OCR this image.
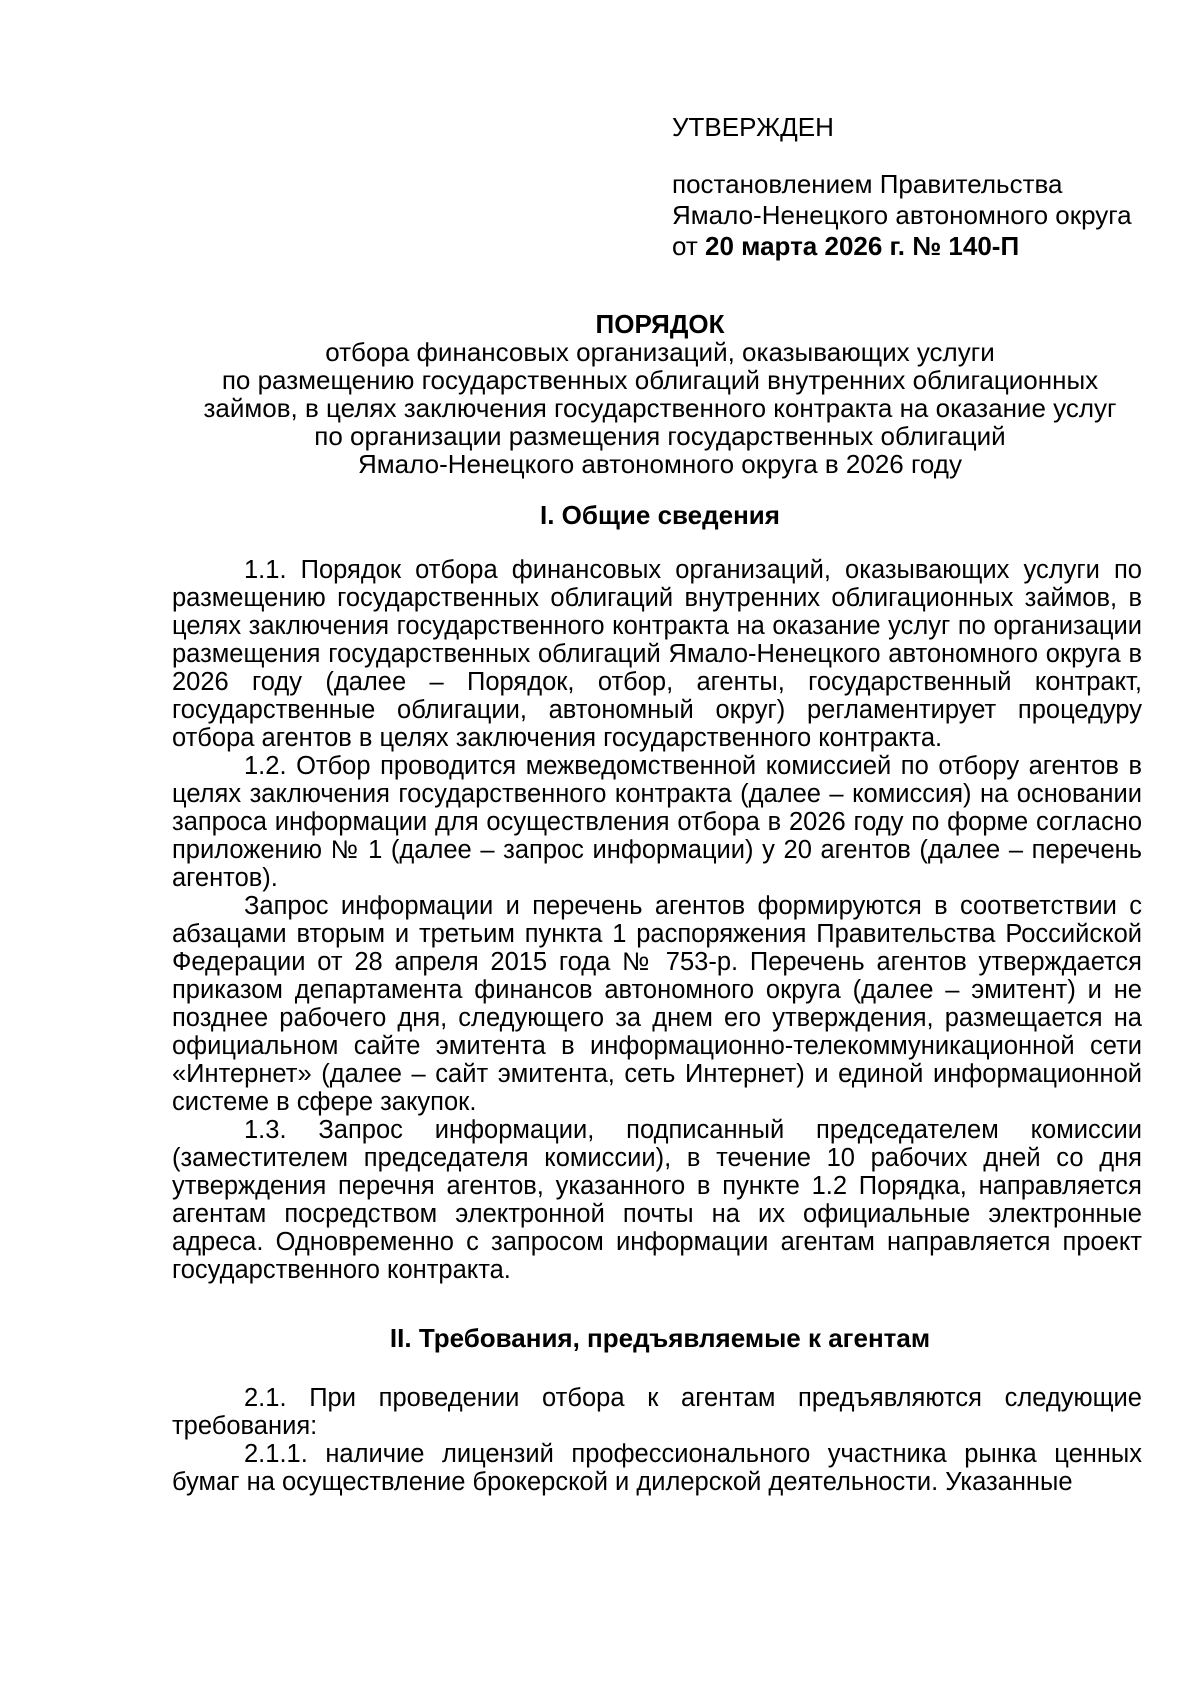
УТВЕРЖДЕН
постановлением Правительства
Ямало-Ненецкого автономного округа
от 20 марта 2026 г. № 140-П
ПОРЯДОК
отбора финансовых организаций, оказывающих услуги
по размещению государственных облигаций внутренних облигационных
займов, в целях заключения государственного контракта на оказание услуг
по организации размещения государственных облигаций
Ямало-Ненецкого автономного округа в 2026 году
I. Общие сведения

1.1. Порядок отбора финансовых организаций, оказывающих услуги по размещению государственных облигаций внутренних облигационных займов, в целях заключения государственного контракта на оказание услуг по организации размещения государственных облигаций Ямало-Ненецкого автономного округа в 2026 году (далее – Порядок, отбор, агенты, государственный контракт, государственные облигации, автономный округ) регламентирует процедуру отбора агентов в целях заключения государственного контракта.

1.2. Отбор проводится межведомственной комиссией по отбору агентов в целях заключения государственного контракта (далее – комиссия) на основании запроса информации для осуществления отбора в 2026 году по форме согласно приложению № 1 (далее – запрос информации) у 20 агентов (далее – перечень агентов).

Запрос информации и перечень агентов формируются в соответствии с абзацами вторым и третьим пункта 1 распоряжения Правительства Российской Федерации от 28 апреля 2015 года № 753-р. Перечень агентов утверждается приказом департамента финансов автономного округа (далее – эмитент) и не позднее рабочего дня, следующего за днем его утверждения, размещается на официальном сайте эмитента в информационно-телекоммуникационной сети «Интернет» (далее – сайт эмитента, сеть Интернет) и единой информационной системе в сфере закупок.

1.3. Запрос информации, подписанный председателем комиссии (заместителем председателя комиссии), в течение 10 рабочих дней со дня утверждения перечня агентов, указанного в пункте 1.2 Порядка, направляется агентам посредством электронной почты на их официальные электронные адреса. Одновременно с запросом информации агентам направляется проект государственного контракта.

II. Требования, предъявляемые к агентам

2.1. При проведении отбора к агентам предъявляются следующие требования:

2.1.1. наличие лицензий профессионального участника рынка ценных бумаг на осуществление брокерской и дилерской деятельности. Указанные
